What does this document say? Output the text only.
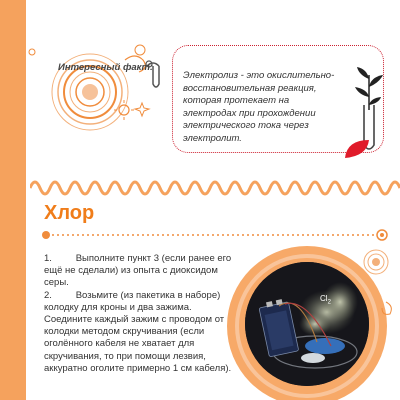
Интересный факт:
Электролиз - это окислительно-восстановительная реакция, которая протекает на электродах при прохождении электрического тока через электролит.
Хлор

1.	Выполните пункт 3 (если ранее его ещё не сделали) из опыта с диоксидом серы.

2.	Возьмите (из пакетика в наборе) колодку для кроны и два зажима. Соедините каждый зажим с проводом от колодки методом скручивания (если оголённого кабеля не хватает для скручивания, то при помощи лезвия, аккуратно оголите примерно 1 см кабеля).

$Cl_2$
